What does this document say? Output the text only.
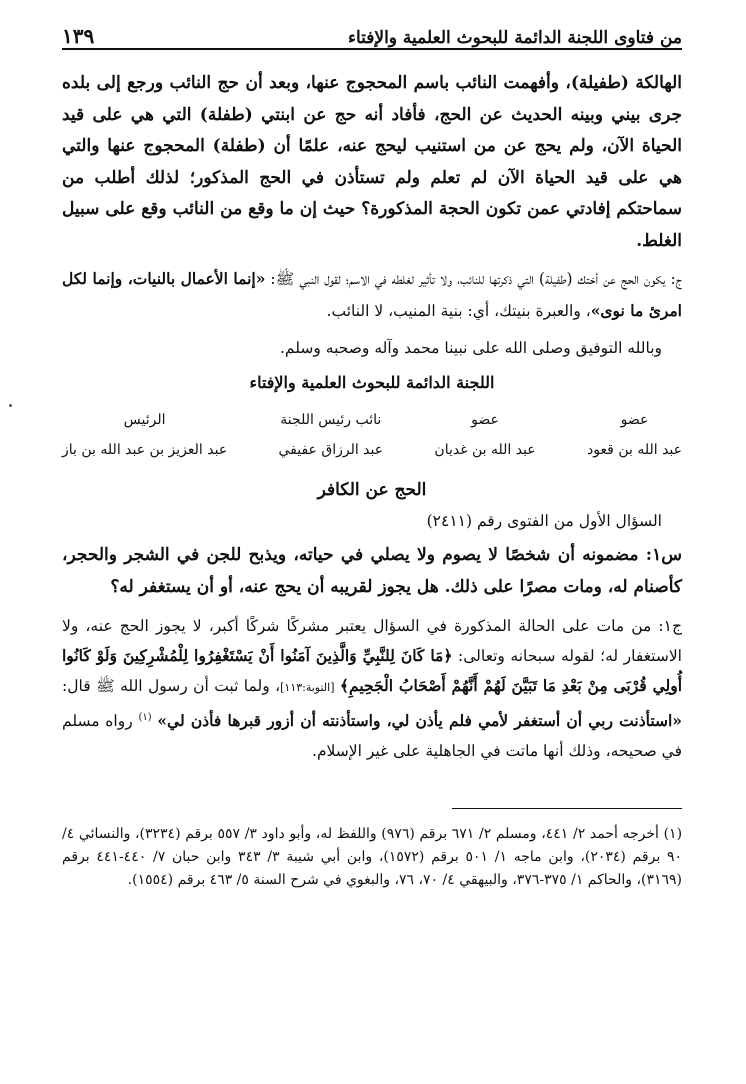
من فتاوى اللجنة الدائمة للبحوث العلمية والإفتاء
١٣٩

الهالكة (طفيلة)، وأفهمت النائب باسم المحجوج عنها، وبعد أن حج النائب ورجع إلى بلده جرى بيني وبينه الحديث عن الحج، فأفاد أنه حج عن ابنتي (طفلة) التي هي على قيد الحياة الآن، ولم يحج عن من استنيب ليحج عنه، علمًا أن (طفلة) المحجوج عنها والتي هي على قيد الحياة الآن لم تعلم ولم تستأذن في الحج المذكور؛ لذلك أطلب من سماحتكم إفادتي عمن تكون الحجة المذكورة؟ حيث إن ما وقع من النائب وقع على سبيل الغلط.

ج: يكون الحج عن أختك (طفيلة) التي ذكرتها للنائب، ولا تأثير لغلطه في الاسم؛ لقول النبي ﷺ: «إنما الأعمال بالنيات، وإنما لكل امرئ ما نوى»، والعبرة بنيتك، أي: بنية المنيب، لا النائب.

وبالله التوفيق وصلى الله على نبينا محمد وآله وصحبه وسلم.

اللجنة الدائمة للبحوث العلمية والإفتاء
عضو
عبد الله بن قعود
عضو
عبد الله بن غديان
نائب رئيس اللجنة
عبد الرزاق عفيفي
الرئيس
عبد العزيز بن عبد الله بن باز
الحج عن الكافر
السؤال الأول من الفتوى رقم (٢٤١١)

س١: مضمونه أن شخصًا لا يصوم ولا يصلي في حياته، ويذبح للجن في الشجر والحجر، كأصنام له، ومات مصرًا على ذلك. هل يجوز لقريبه أن يحج عنه، أو أن يستغفر له؟

ج١: من مات على الحالة المذكورة في السؤال يعتبر مشركًا شركًا أكبر، لا يجوز الحج عنه، ولا الاستغفار له؛ لقوله سبحانه وتعالى: ﴿مَا كَانَ لِلنَّبِيِّ وَالَّذِينَ آمَنُوا أَنْ يَسْتَغْفِرُوا لِلْمُشْرِكِينَ وَلَوْ كَانُوا أُولِي قُرْبَى مِنْ بَعْدِ مَا تَبَيَّنَ لَهُمْ أَنَّهُمْ أَصْحَابُ الْجَحِيمِ﴾ [التوبة:١١٣]، ولما ثبت أن رسول الله ﷺ قال: «استأذنت ربي أن أستغفر لأمي فلم يأذن لي، واستأذنته أن أزور قبرها فأذن لي» $^{(١)}$ رواه مسلم في صحيحه، وذلك أنها ماتت في الجاهلية على غير الإسلام.

(١) أخرجه أحمد ٢/ ٤٤١، ومسلم ٢/ ٦٧١ برقم (٩٧٦) واللفظ له، وأبو داود ٣/ ٥٥٧ برقم (٣٢٣٤)، والنسائي ٤/ ٩٠ برقم (٢٠٣٤)، وابن ماجه ١/ ٥٠١ برقم (١٥٧٢)، وابن أبي شيبة ٣/ ٣٤٣ وابن حبان ٧/ ٤٤٠-٤٤١ برقم (٣١٦٩)، والحاكم ١/ ٣٧٥-٣٧٦، والبيهقي ٤/ ٧٠، ٧٦، والبغوي في شرح السنة ٥/ ٤٦٣ برقم (١٥٥٤).
